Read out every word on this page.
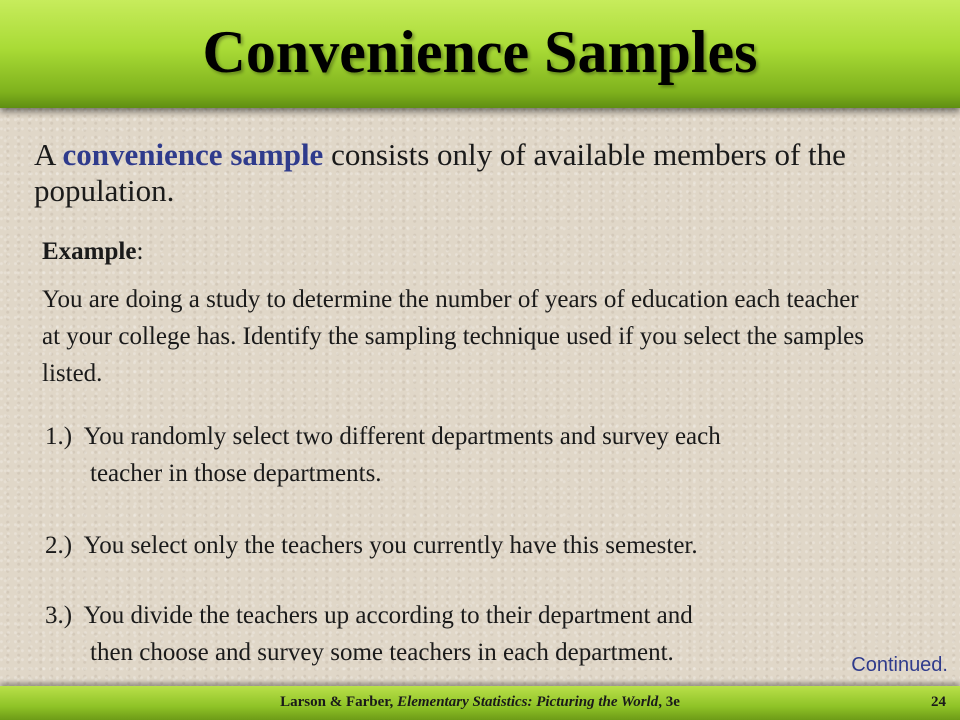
Convenience Samples

A convenience sample consists only of available members of the population.

Example:

You are doing a study to determine the number of years of education each teacher at your college has. Identify the sampling technique used if you select the samples listed.

1.) You randomly select two different departments and survey each
teacher in those departments.

2.) You select only the teachers you currently have this semester.

3.) You divide the teachers up according to their department and
then choose and survey some teachers in each department.	Continued.
Larson & Farber, Elementary Statistics: Picturing the World, 3e	24
